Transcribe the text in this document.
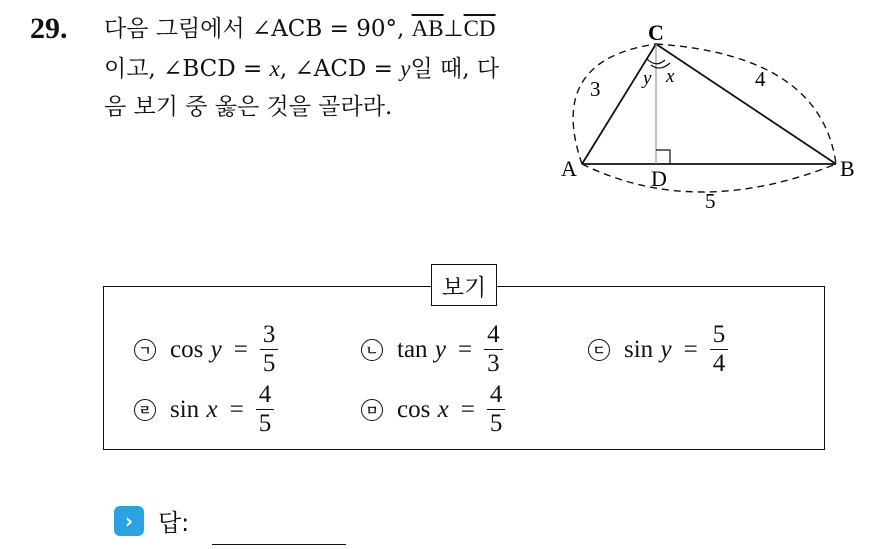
29. 다음 그림에서 ∠ACB = 90°, $\overline{AB}\perp\overline{CD}$
이고, ∠BCD = x, ∠ACD = y일 때, 다
음 보기 중 옳은 것을 골라라.
C
A	B
D
3	4
5
y x
보기
ㄱ cos
$y = \frac{3}{5}$	ㄴ tan
$y = \frac{4}{3}$	ㄷ sin
$y = \frac{5}{4}$
ㄹ sin
$x = \frac{4}{5}$	ㅁ cos
$x = \frac{4}{5}$
›	답:
